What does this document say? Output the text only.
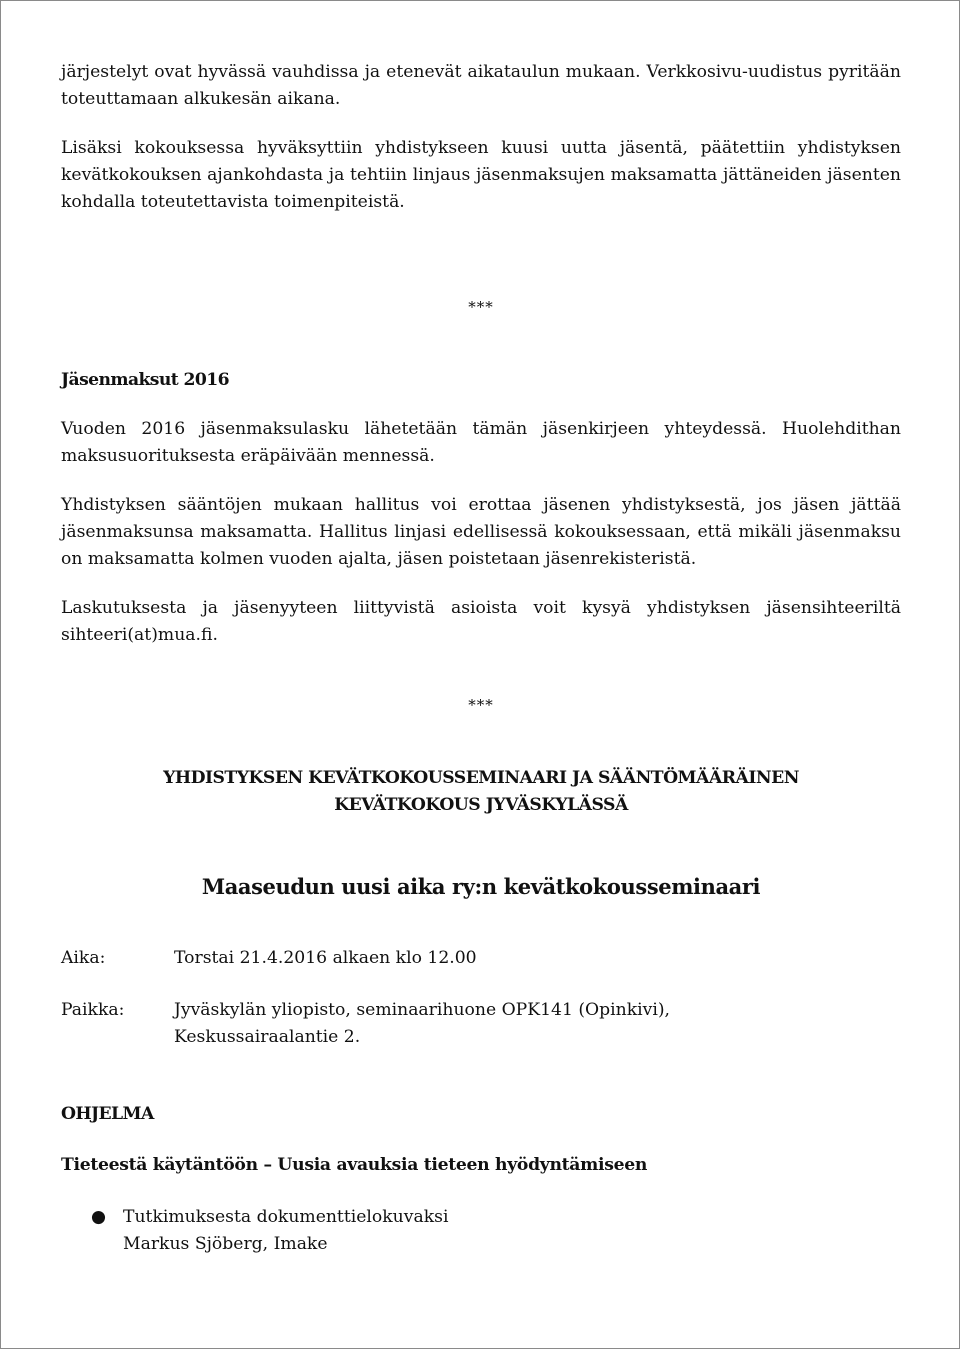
järjestelyt ovat hyvässä vauhdissa ja etenevät aikataulun mukaan. Verkkosivu-uudistus pyritään toteuttamaan alkukesän aikana.

Lisäksi kokouksessa hyväksyttiin yhdistykseen kuusi uutta jäsentä, päätettiin yhdistyksen kevätkokouksen ajankohdasta ja tehtiin linjaus jäsenmaksujen maksamatta jättäneiden jäsenten kohdalla toteutettavista toimenpiteistä.

***

Jäsenmaksut 2016

Vuoden 2016 jäsenmaksulasku lähetetään tämän jäsenkirjeen yhteydessä. Huolehdithan maksusuorituksesta eräpäivään mennessä.

Yhdistyksen sääntöjen mukaan hallitus voi erottaa jäsenen yhdistyksestä, jos jäsen jättää jäsenmaksunsa maksamatta. Hallitus linjasi edellisessä kokouksessaan, että mikäli jäsenmaksu on maksamatta kolmen vuoden ajalta, jäsen poistetaan jäsenrekisteristä.

Laskutuksesta ja jäsenyyteen liittyvistä asioista voit kysyä yhdistyksen jäsensihteeriltä sihteeri(at)mua.fi.

***

YHDISTYKSEN KEVÄTKOKOUSSEMINAARI JA SÄÄNTÖMÄÄRÄINEN

KEVÄTKOKOUS JYVÄSKYLÄSSÄ

Maaseudun uusi aika ry:n kevätkokousseminaari

Aika:	Torstai 21.4.2016 alkaen klo 12.00
Paikka:	Jyväskylän yliopisto, seminaarihuone OPK141 (Opinkivi),
Keskussairaalantie 2.

OHJELMA

Tieteestä käytäntöön – Uusia avauksia tieteen hyödyntämiseen

● Tutkimuksesta dokumenttielokuvaksi
Markus Sjöberg, Imake
